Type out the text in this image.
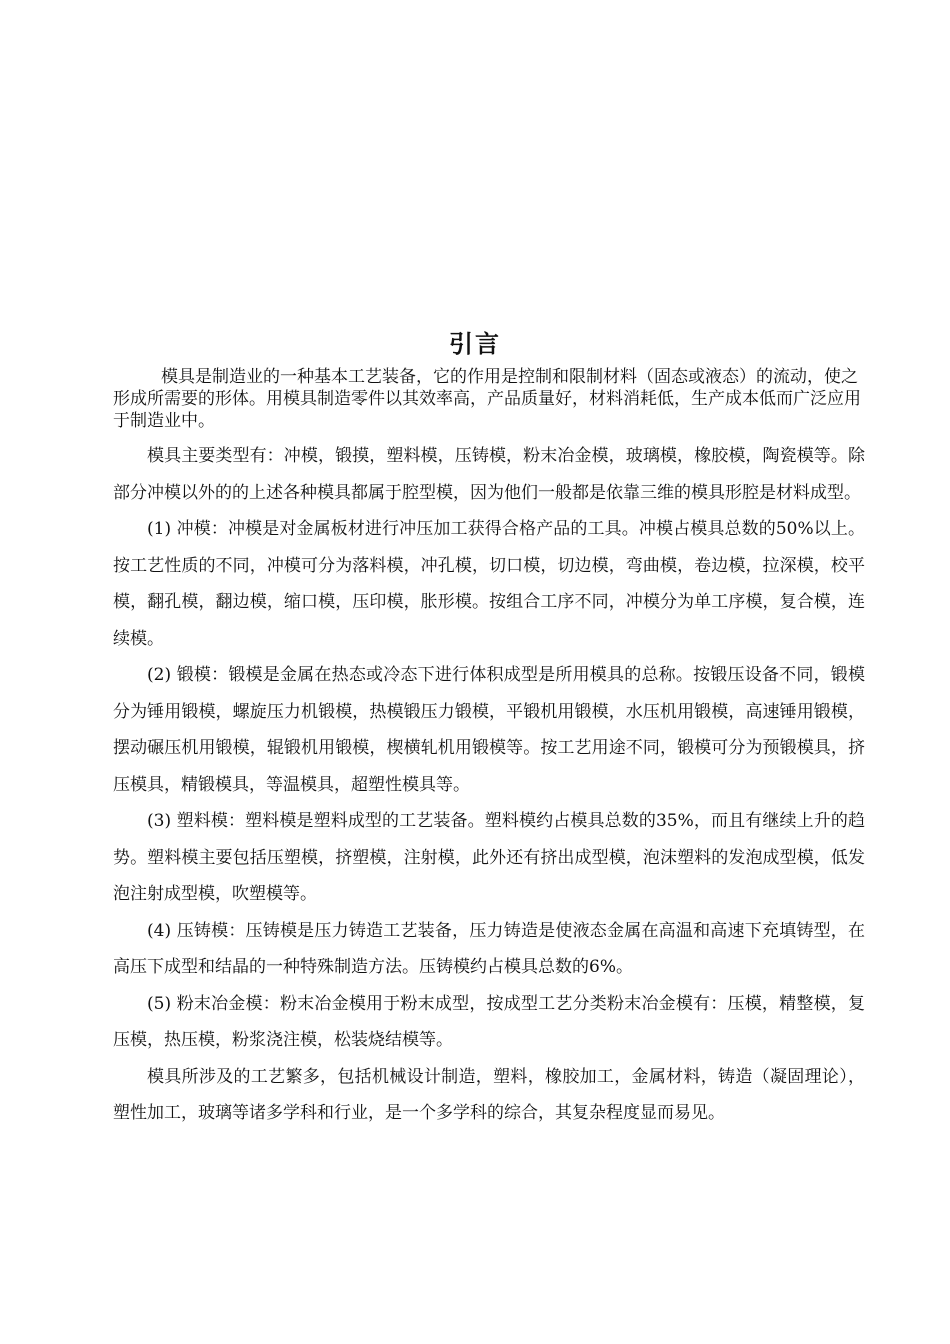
引言

模具是制造业的一种基本工艺装备，它的作用是控制和限制材料（固态或液态）的流动，使之形成所需要的形体。用模具制造零件以其效率高，产品质量好，材料消耗低，生产成本低而广泛应用于制造业中。

模具主要类型有：冲模，锻摸，塑料模，压铸模，粉末冶金模，玻璃模，橡胶模，陶瓷模等。除部分冲模以外的的上述各种模具都属于腔型模，因为他们一般都是依靠三维的模具形腔是材料成型。

(1) 冲模：冲模是对金属板材进行冲压加工获得合格产品的工具。冲模占模具总数的50%以上。按工艺性质的不同，冲模可分为落料模，冲孔模，切口模，切边模，弯曲模，卷边模，拉深模，校平模，翻孔模，翻边模，缩口模，压印模，胀形模。按组合工序不同，冲模分为单工序模，复合模，连续模。

(2) 锻模：锻模是金属在热态或冷态下进行体积成型是所用模具的总称。按锻压设备不同，锻模分为锤用锻模，螺旋压力机锻模，热模锻压力锻模，平锻机用锻模，水压机用锻模，高速锤用锻模，摆动碾压机用锻模，辊锻机用锻模，楔横轧机用锻模等。按工艺用途不同，锻模可分为预锻模具，挤压模具，精锻模具，等温模具，超塑性模具等。

(3) 塑料模：塑料模是塑料成型的工艺装备。塑料模约占模具总数的35%，而且有继续上升的趋势。塑料模主要包括压塑模，挤塑模，注射模，此外还有挤出成型模，泡沫塑料的发泡成型模，低发泡注射成型模，吹塑模等。

(4) 压铸模：压铸模是压力铸造工艺装备，压力铸造是使液态金属在高温和高速下充填铸型，在高压下成型和结晶的一种特殊制造方法。压铸模约占模具总数的6%。

(5) 粉末冶金模：粉末冶金模用于粉末成型，按成型工艺分类粉末冶金模有：压模，精整模，复压模，热压模，粉浆浇注模，松装烧结模等。

模具所涉及的工艺繁多，包括机械设计制造，塑料，橡胶加工，金属材料，铸造（凝固理论），塑性加工，玻璃等诸多学科和行业，是一个多学科的综合，其复杂程度显而易见。
